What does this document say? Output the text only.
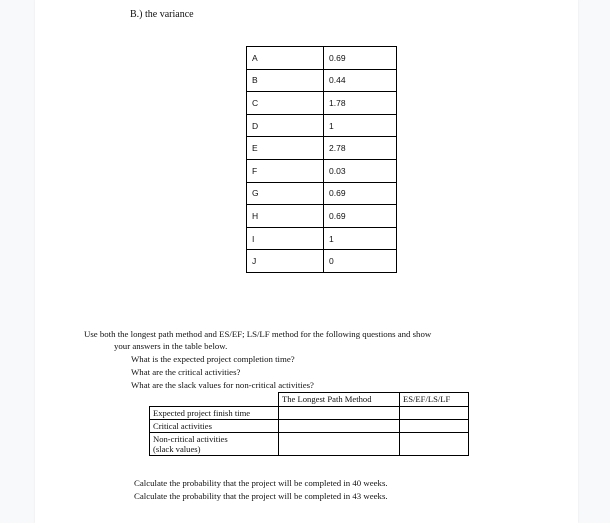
B.) the variance
A	0.69
B	0.44
C	1.78
D	1
E	2.78
F	0.03
G	0.69
H	0.69
I	1
J	0
Use both the longest path method and ES/EF; LS/LF method for the following questions and show
your answers in the table below.
What is the expected project completion time?
What are the critical activities?
What are the slack values for non-critical activities?
	The Longest Path Method	ES/EF/LS/LF
Expected project finish time		
Critical activities		

Non-critical activities
(slack values)		

Calculate the probability that the project will be completed in 40 weeks.
Calculate the probability that the project will be completed in 43 weeks.
